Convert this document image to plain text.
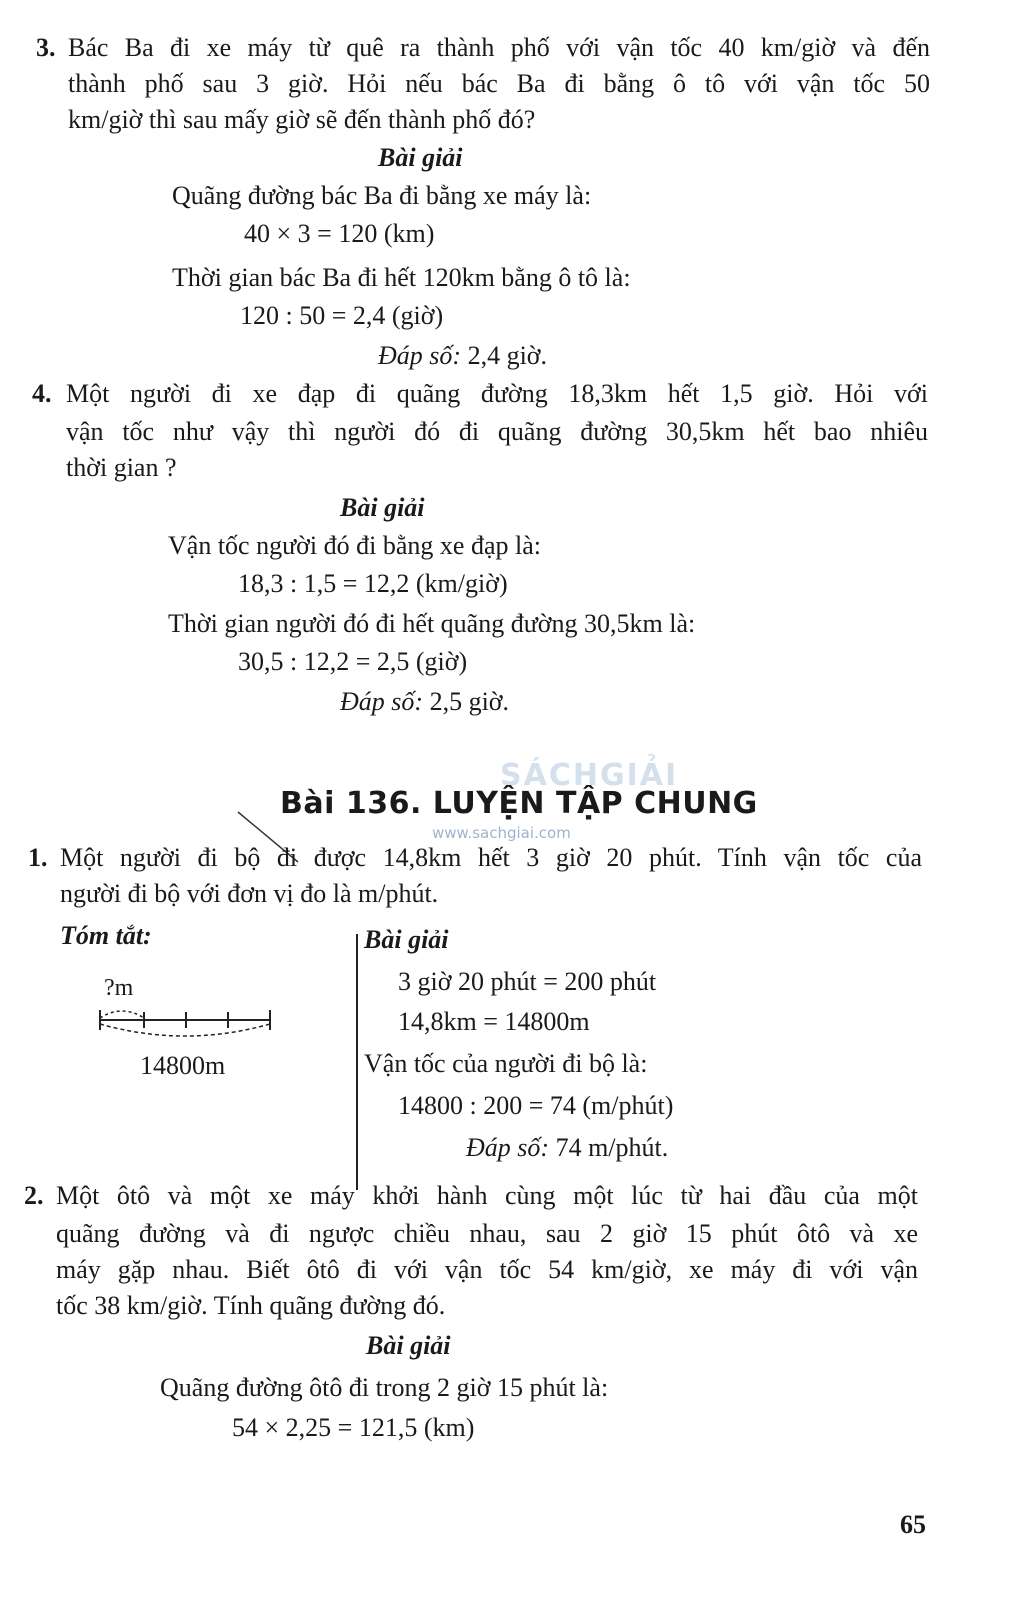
3. Bác Ba đi xe máy từ quê ra thành phố với vận tốc 40 km/giờ và đến
thành phố sau 3 giờ. Hỏi nếu bác Ba đi bằng ô tô với vận tốc 50
km/giờ thì sau mấy giờ sẽ đến thành phố đó?
Bài giải
Quãng đường bác Ba đi bằng xe máy là:
40 × 3 = 120 (km)
Thời gian bác Ba đi hết 120km bằng ô tô là:
120 : 50 = 2,4 (giờ)
Đáp số: 2,4 giờ.
4. Một người đi xe đạp đi quãng đường 18,3km hết 1,5 giờ. Hỏi với
vận tốc như vậy thì người đó đi quãng đường 30,5km hết bao nhiêu
thời gian ?
Bài giải
Vận tốc người đó đi bằng xe đạp là:
18,3 : 1,5 = 12,2 (km/giờ)
Thời gian người đó đi hết quãng đường 30,5km là:
30,5 : 12,2 = 2,5 (giờ)
Đáp số: 2,5 giờ.
SÁCHGIẢI
www.sachgiai.com
Bài 136. LUYỆN TẬP CHUNG
1. Một người đi bộ đi được 14,8km hết 3 giờ 20 phút. Tính vận tốc của
người đi bộ với đơn vị đo là m/phút.
Tóm tắt:
?m
14800m
Bài giải
3 giờ 20 phút = 200 phút
14,8km = 14800m
Vận tốc của người đi bộ là:
14800 : 200 = 74 (m/phút)
Đáp số: 74 m/phút.
2. Một ôtô và một xe máy khởi hành cùng một lúc từ hai đầu của một
quãng đường và đi ngược chiều nhau, sau 2 giờ 15 phút ôtô và xe
máy gặp nhau. Biết ôtô đi với vận tốc 54 km/giờ, xe máy đi với vận
tốc 38 km/giờ. Tính quãng đường đó.
Bài giải
Quãng đường ôtô đi trong 2 giờ 15 phút là:
54 × 2,25 = 121,5 (km)
65
